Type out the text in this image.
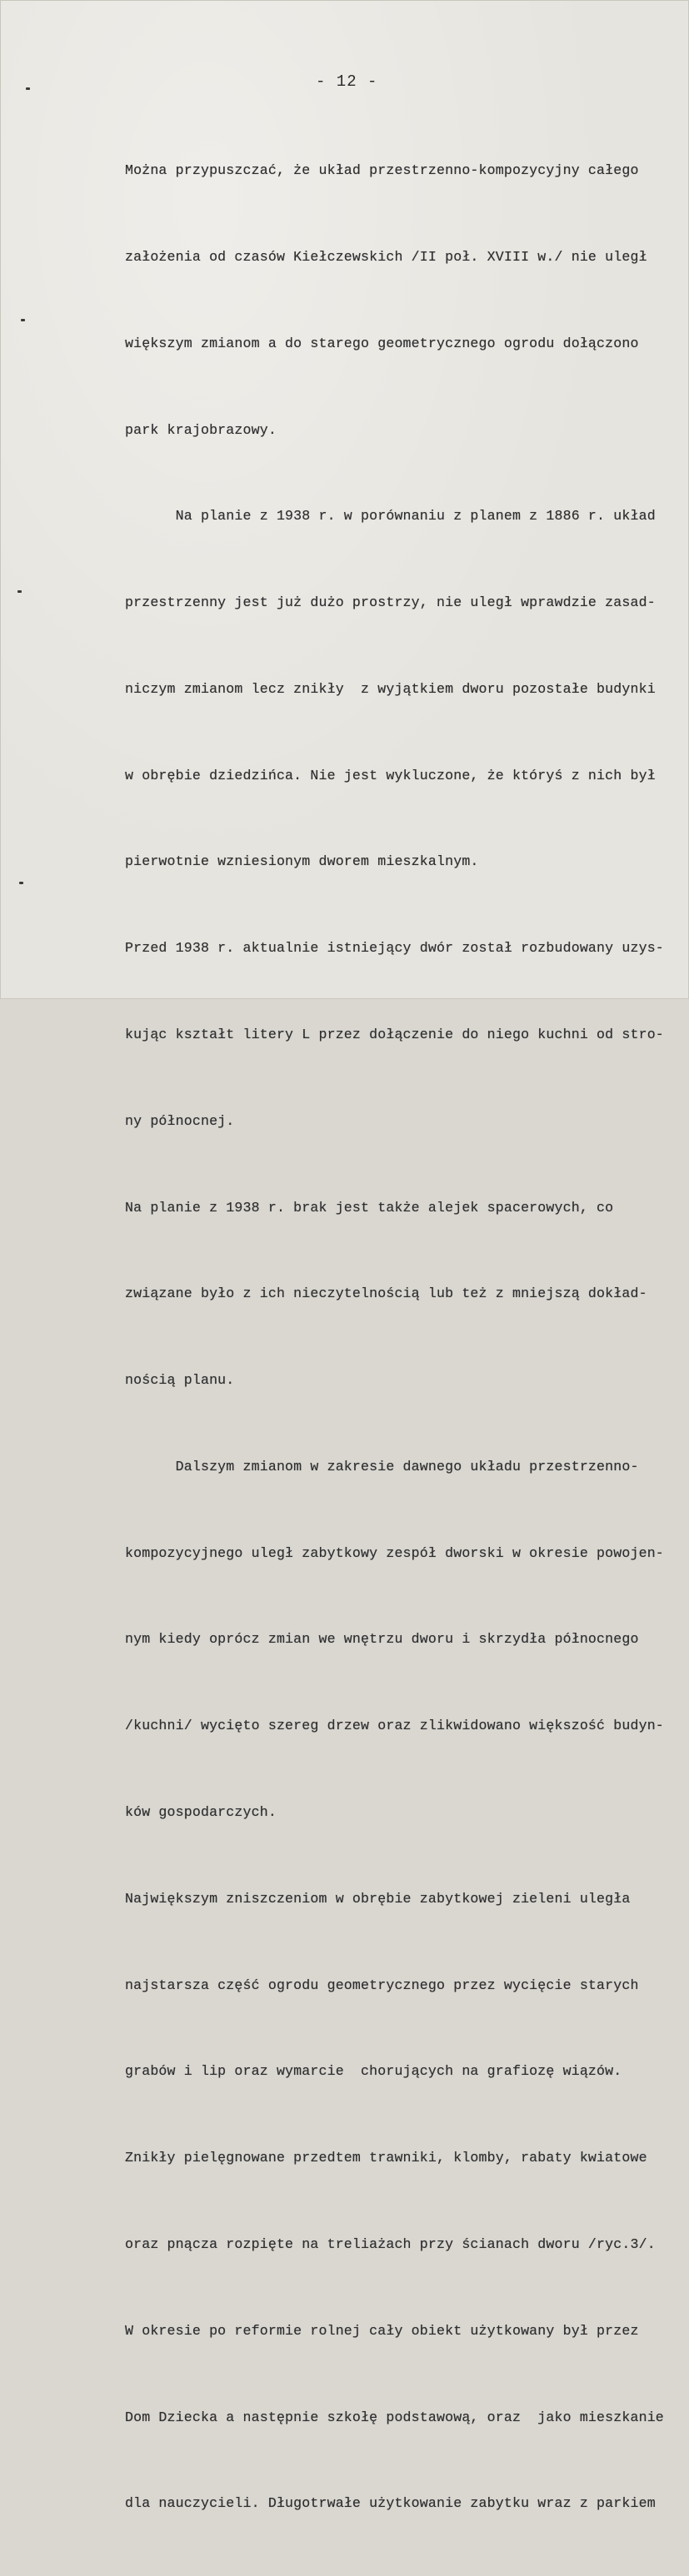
- 12 -

Można przypuszczać, że układ przestrzenno-kompozycyjny całego

założenia od czasów Kiełczewskich /II poł. XVIII w./ nie uległ

większym zmianom a do starego geometrycznego ogrodu dołączono

park krajobrazowy.

Na planie z 1938 r. w porównaniu z planem z 1886 r. układ

przestrzenny jest już dużo prostrzy, nie uległ wprawdzie zasad-

niczym zmianom lecz znikły  z wyjątkiem dworu pozostałe budynki

w obrębie dziedzińca. Nie jest wykluczone, że któryś z nich był

pierwotnie wzniesionym dworem mieszkalnym.

Przed 1938 r. aktualnie istniejący dwór został rozbudowany uzys-

kując kształt litery L przez dołączenie do niego kuchni od stro-

ny północnej.

Na planie z 1938 r. brak jest także alejek spacerowych, co

związane było z ich nieczytelnością lub też z mniejszą dokład-

nością planu.

Dalszym zmianom w zakresie dawnego układu przestrzenno-

kompozycyjnego uległ zabytkowy zespół dworski w okresie powojen-

nym kiedy oprócz zmian we wnętrzu dworu i skrzydła północnego

/kuchni/ wycięto szereg drzew oraz zlikwidowano większość budyn-

ków gospodarczych.

Największym zniszczeniom w obrębie zabytkowej zieleni uległa

najstarsza część ogrodu geometrycznego przez wycięcie starych

grabów i lip oraz wymarcie  chorujących na grafiozę wiązów.

Znikły pielęgnowane przedtem trawniki, klomby, rabaty kwiatowe

oraz pnącza rozpięte na treliażach przy ścianach dworu /ryc.3/.

W okresie po reformie rolnej cały obiekt użytkowany był przez

Dom Dziecka a następnie szkołę podstawową, oraz  jako mieszkanie

dla nauczycieli. Długotrwałe użytkowanie zabytku wraz z parkiem
